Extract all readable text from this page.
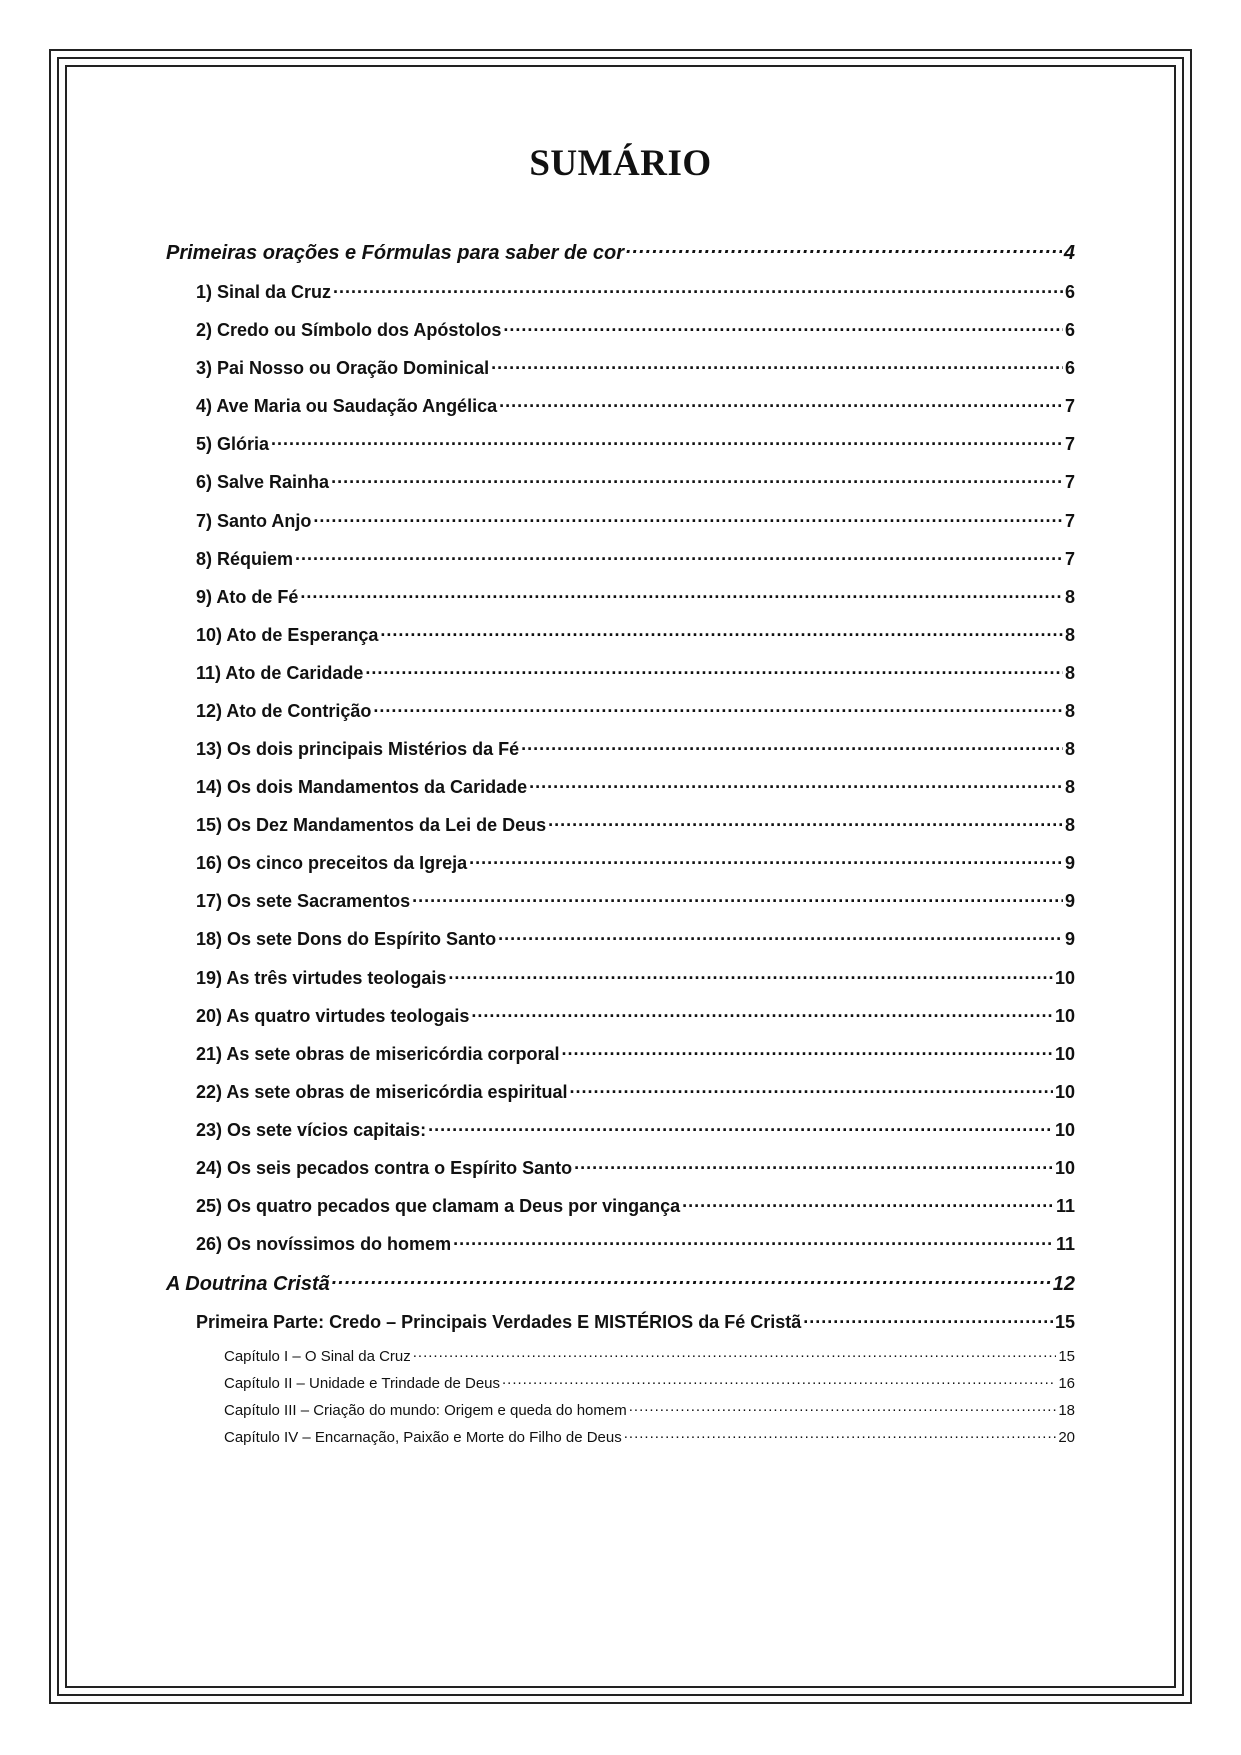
SUMÁRIO
Primeiras orações e Fórmulas para saber de cor .....	4
1) Sinal da Cruz .....	6
2) Credo ou Símbolo dos Apóstolos .....	6
3) Pai Nosso ou Oração Dominical .....	6
4) Ave Maria ou Saudação Angélica .....	7
5) Glória .....	7
6) Salve Rainha .....	7
7) Santo Anjo .....	7
8) Réquiem .....	7
9) Ato de Fé .....	8
10) Ato de Esperança .....	8
11) Ato de Caridade .....	8
12) Ato de Contrição .....	8
13) Os dois principais Mistérios da Fé .....	8
14) Os dois Mandamentos da Caridade .....	8
15) Os Dez Mandamentos da Lei de Deus .....	8
16) Os cinco preceitos da Igreja .....	9
17) Os sete Sacramentos .....	9
18) Os sete Dons do Espírito Santo .....	9
19) As três virtudes teologais .....	10
20) As quatro virtudes teologais .....	10
21) As sete obras de misericórdia corporal .....	10
22) As sete obras de misericórdia espiritual .....	10
23) Os sete vícios capitais: .....	10
24) Os seis pecados contra o Espírito Santo .....	10
25) Os quatro pecados que clamam a Deus por vingança .....	11
26) Os novíssimos do homem .....	11
A Doutrina Cristã .....	12
Primeira Parte: Credo – Principais Verdades E MISTÉRIOS da Fé Cristã .....	15
Capítulo I – O Sinal da Cruz .....	15
Capítulo II – Unidade e Trindade de Deus .....	16
Capítulo III – Criação do mundo: Origem e queda do homem .....	18
Capítulo IV – Encarnação, Paixão e Morte do Filho de Deus .....	20
